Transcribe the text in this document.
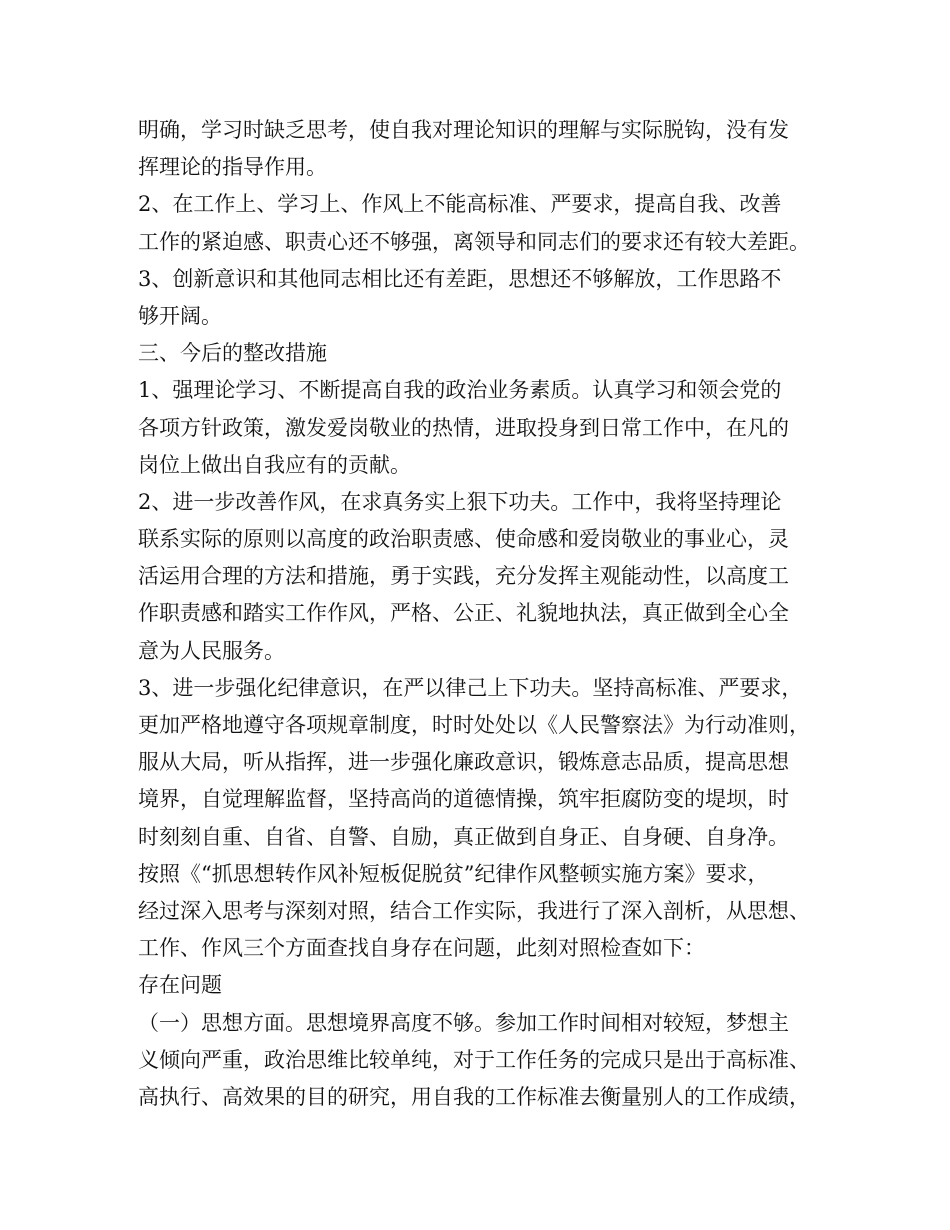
明确，学习时缺乏思考，使自我对理论知识的理解与实际脱钩，没有发
挥理论的指导作用。
2、在工作上、学习上、作风上不能高标准、严要求，提高自我、改善
工作的紧迫感、职责心还不够强，离领导和同志们的要求还有较大差距。
3、创新意识和其他同志相比还有差距，思想还不够解放，工作思路不
够开阔。
三、今后的整改措施
1、强理论学习、不断提高自我的政治业务素质。认真学习和领会党的
各项方针政策，激发爱岗敬业的热情，进取投身到日常工作中，在凡的
岗位上做出自我应有的贡献。
2、进一步改善作风，在求真务实上狠下功夫。工作中，我将坚持理论
联系实际的原则以高度的政治职责感、使命感和爱岗敬业的事业心，灵
活运用合理的方法和措施，勇于实践，充分发挥主观能动性，以高度工
作职责感和踏实工作作风，严格、公正、礼貌地执法，真正做到全心全
意为人民服务。
3、进一步强化纪律意识，在严以律己上下功夫。坚持高标准、严要求，
更加严格地遵守各项规章制度，时时处处以《人民警察法》为行动准则，
服从大局，听从指挥，进一步强化廉政意识，锻炼意志品质，提高思想
境界，自觉理解监督，坚持高尚的道德情操，筑牢拒腐防变的堤坝，时
时刻刻自重、自省、自警、自励，真正做到自身正、自身硬、自身净。
按照《“抓思想转作风补短板促脱贫”纪律作风整顿实施方案》要求，
经过深入思考与深刻对照，结合工作实际，我进行了深入剖析，从思想、
工作、作风三个方面查找自身存在问题，此刻对照检查如下：
存在问题
（一）思想方面。思想境界高度不够。参加工作时间相对较短，梦想主
义倾向严重，政治思维比较单纯，对于工作任务的完成只是出于高标准、
高执行、高效果的目的研究，用自我的工作标准去衡量别人的工作成绩，
